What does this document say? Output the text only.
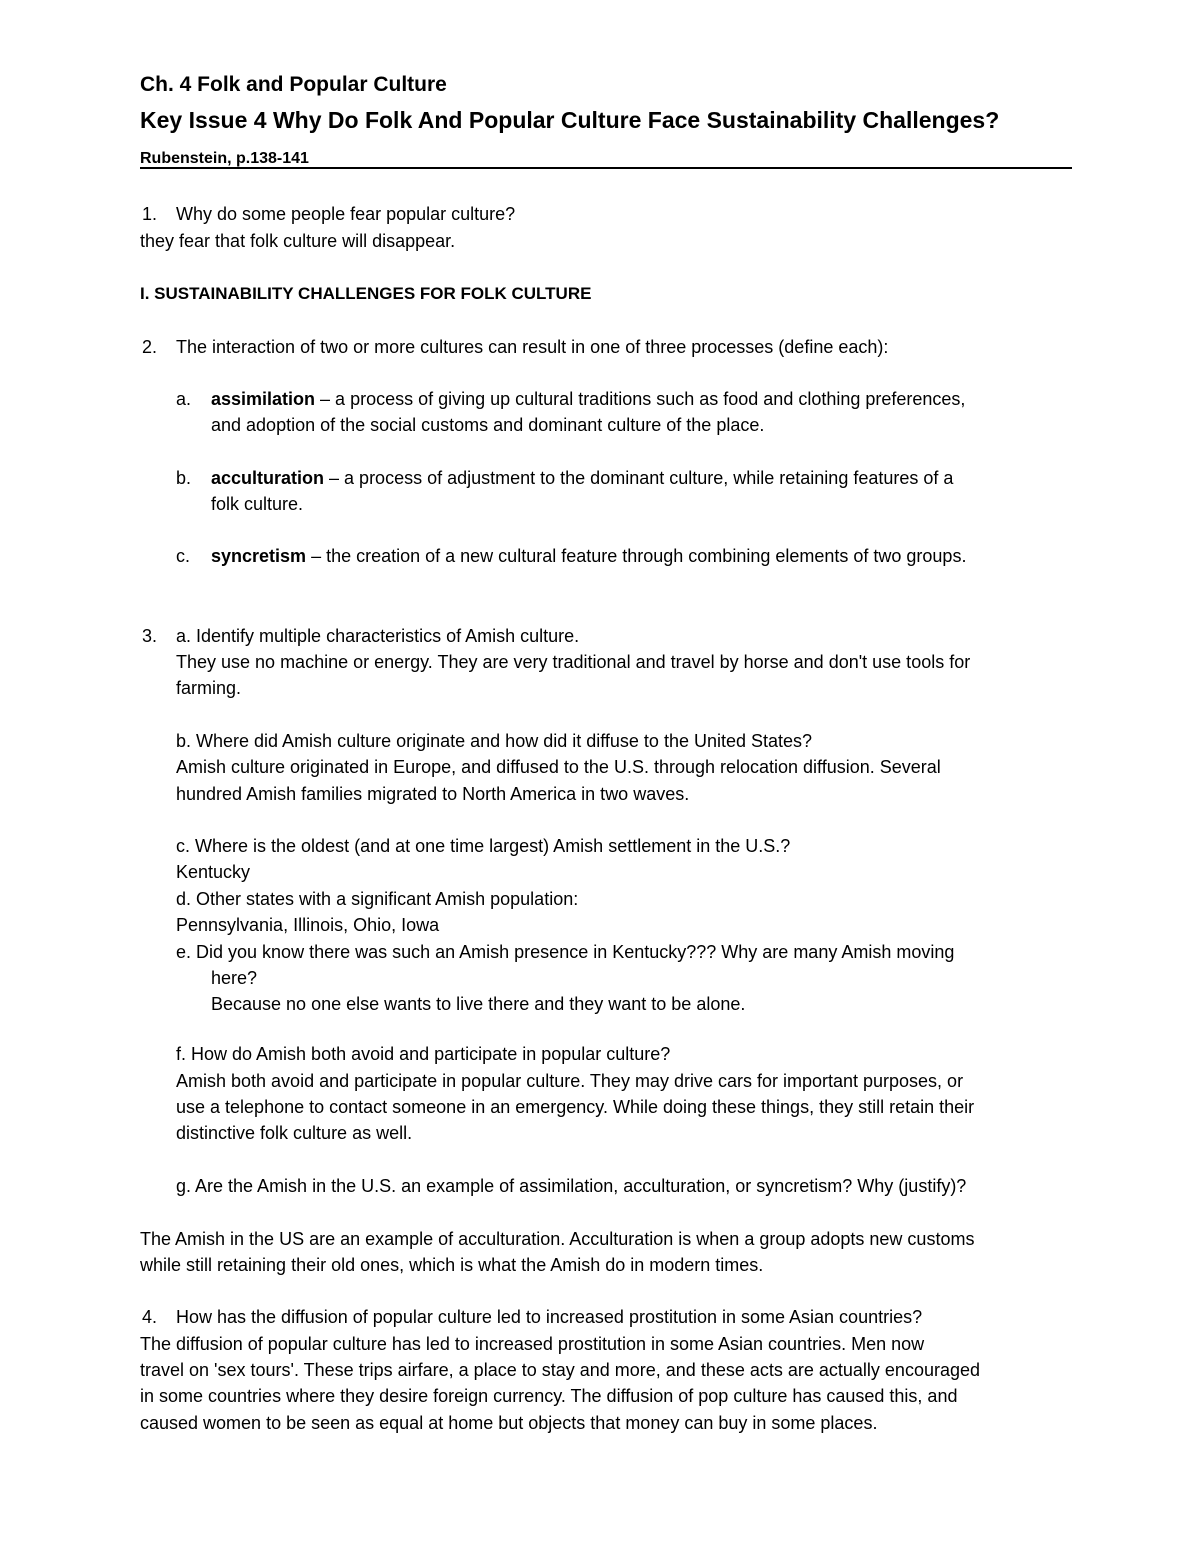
Ch. 4 Folk and Popular Culture
Key Issue 4 Why Do Folk And Popular Culture Face Sustainability Challenges?
Rubenstein, p.138-141
1. Why do some people fear popular culture?
they fear that folk culture will disappear.
I. SUSTAINABILITY CHALLENGES FOR FOLK CULTURE
2. The interaction of two or more cultures can result in one of three processes (define each):
a. assimilation – a process of giving up cultural traditions such as food and clothing preferences,
and adoption of the social customs and dominant culture of the place.
b. acculturation – a process of adjustment to the dominant culture, while retaining features of a
folk culture.
c. syncretism – the creation of a new cultural feature through combining elements of two groups.
3. a. Identify multiple characteristics of Amish culture.
They use no machine or energy. They are very traditional and travel by horse and don't use tools for
farming.
b. Where did Amish culture originate and how did it diffuse to the United States?
Amish culture originated in Europe, and diffused to the U.S. through relocation diffusion. Several
hundred Amish families migrated to North America in two waves.
c. Where is the oldest (and at one time largest) Amish settlement in the U.S.?
Kentucky
d. Other states with a significant Amish population:
Pennsylvania, Illinois, Ohio, Iowa
e. Did you know there was such an Amish presence in Kentucky??? Why are many Amish moving
here?
Because no one else wants to live there and they want to be alone.
f. How do Amish both avoid and participate in popular culture?
Amish both avoid and participate in popular culture. They may drive cars for important purposes, or
use a telephone to contact someone in an emergency. While doing these things, they still retain their
distinctive folk culture as well.
g. Are the Amish in the U.S. an example of assimilation, acculturation, or syncretism? Why (justify)?
The Amish in the US are an example of acculturation. Acculturation is when a group adopts new customs
while still retaining their old ones, which is what the Amish do in modern times.
4. How has the diffusion of popular culture led to increased prostitution in some Asian countries?
The diffusion of popular culture has led to increased prostitution in some Asian countries. Men now
travel on 'sex tours'. These trips airfare, a place to stay and more, and these acts are actually encouraged
in some countries where they desire foreign currency. The diffusion of pop culture has caused this, and
caused women to be seen as equal at home but objects that money can buy in some places.
